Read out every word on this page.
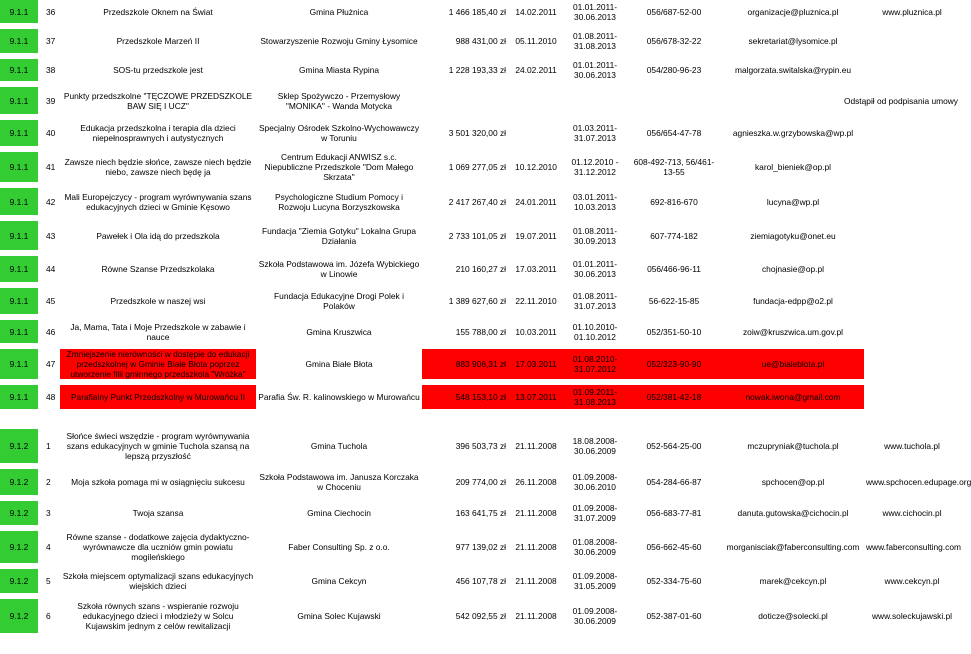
9.1.1	36	Przedszkole Oknem na Świat	Gmina Płużnica	1 466 185,40 zł	14.02.2011	01.01.2011-
30.06.2013	056/687-52-00	organizacje@pluznica.pl	www.pluznica.pl

9.1.1	37	Przedszkole Marzeń II	Stowarzyszenie Rozwoju Gminy Łysomice	988 431,00 zł	05.11.2010	01.08.2011-
31.08.2013	056/678-32-22	sekretariat@lysomice.pl	

9.1.1	38	SOS-tu przedszkole jest	Gmina Miasta Rypina	1 228 193,33 zł	24.02.2011	01.01.2011-
30.06.2013	054/280-96-23	malgorzata.switalska@rypin.eu	

9.1.1	39	Punkty przedszkolne "TĘCZOWE PRZEDSZKOLE BAW SIĘ I UCZ"	Sklep Spożywczo - Przemysłowy "MONIKA" - Wanda Motycka					Odstąpił od podpisania umowy	

9.1.1	40	Edukacja przedszkolna i terapia dla dzieci niepełnosprawnych i autystycznych	Specjalny Ośrodek Szkolno-Wychowawczy w Toruniu	3 501 320,00 zł		01.03.2011-
31.07.2013	056/654-47-78	agnieszka.w.grzybowska@wp.pl	

9.1.1	41	Zawsze niech będzie słońce, zawsze niech będzie niebo, zawsze niech będę ja	Centrum Edukacji ANWISZ s.c. Niepubliczne Przedszkole "Dom Małego Skrzata"	1 069 277,05 zł	10.12.2010	01.12.2010 -
31.12.2012	608-492-713, 56/461-13-55	karol_bieniek@op.pl	

9.1.1	42	Mali Europejczycy - program wyrównywania szans edukacyjnych dzieci w Gminie Kęsowo	Psychologiczne Studium Pomocy i Rozwoju Lucyna Borzyszkowska	2 417 267,40 zł	24.01.2011	03.01.2011-
10.03.2013	692-816-670	lucyna@wp.pl	

9.1.1	43	Pawełek i Ola idą do przedszkola	Fundacja "Ziemia Gotyku" Lokalna Grupa Działania	2 733 101,05 zł	19.07.2011	01.08.2011-
30.09.2013	607-774-182	ziemiagotyku@onet.eu	

9.1.1	44	Równe Szanse Przedszkolaka	Szkoła Podstawowa im. Józefa Wybickiego w Linowie	210 160,27 zł	17.03.2011	01.01.2011-
30.06.2013	056/466-96-11	chojnasie@op.pl	

9.1.1	45	Przedszkole w naszej wsi	Fundacja Edukacyjne Drogi Polek i Polaków	1 389 627,60 zł	22.11.2010	01.08.2011-
31.07.2013	56-622-15-85	fundacja-edpp@o2.pl	

9.1.1	46	Ja, Mama, Tata i Moje Przedszkole w zabawie i nauce	Gmina Kruszwica	155 788,00 zł	10.03.2011	01.10.2010-
01.10.2012	052/351-50-10	zoiw@kruszwica.um.gov.pl	

9.1.1	47	Zmniejszenie nierówności w dostępie do edukacji przedszkolnej w Gminie Białe Błota poprzez utworzenie filii gminnego przedszkola "Wróżka"	Gmina Białe Błota	883 906,31 zł	17.03.2011	01.08.2010-
31.07.2012	052/323-90-90	ue@bialeblota.pl	

9.1.1	48	Parafialny Punkt Przedszkolny w Murowańcu II	Parafia Św. R. kalinowskiego w Murowańcu	548 153,10 zł	13.07.2011	01.09.2011-
31.08.2013	052/381-42-18	nowak.iwona@gmail.com	

9.1.2	1	Słońce świeci wszędzie - program wyrównywania szans edukacyjnych w gminie Tuchola szansą na lepszą przyszłość	Gmina Tuchola	396 503,73 zł	21.11.2008	18.08.2008-
30.06.2009	052-564-25-00	mczupryniak@tuchola.pl	www.tuchola.pl

9.1.2	2	Moja szkoła pomaga mi w osiągnięciu sukcesu	Szkoła Podstawowa im. Janusza Korczaka w Choceniu	209 774,00 zł	26.11.2008	01.09.2008-
30.06.2010	054-284-66-87	spchocen@op.pl	www.spchocen.edupage.org

9.1.2	3	Twoja szansa	Gmina Ciechocin	163 641,75 zł	21.11.2008	01.09.2008-
31.07.2009	056-683-77-81	danuta.gutowska@cichocin.pl	www.cichocin.pl

9.1.2	4	Równe szanse - dodatkowe zajęcia dydaktyczno-wyrównawcze dla uczniów gmin powiatu mogileńskiego	Faber Consulting Sp. z o.o.	977 139,02 zł	21.11.2008	01.08.2008-
30.06.2009	056-662-45-60	morganisciak@faberconsulting.com	www.faberconsulting.com

9.1.2	5	Szkoła miejscem optymalizacji szans edukacyjnych wiejskich dzieci	Gmina Cekcyn	456 107,78 zł	21.11.2008	01.09.2008-
31.05.2009	052-334-75-60	marek@cekcyn.pl	www.cekcyn.pl

9.1.2	6	Szkoła równych szans - wspieranie rozwoju edukacyjnego dzieci i młodzieży w Solcu Kujawskim jednym z celów rewitalizacji	Gmina Solec Kujawski	542 092,55 zł	21.11.2008	01.09.2008-
30.06.2009	052-387-01-60	doticze@solecki.pl	www.soleckujawski.pl
